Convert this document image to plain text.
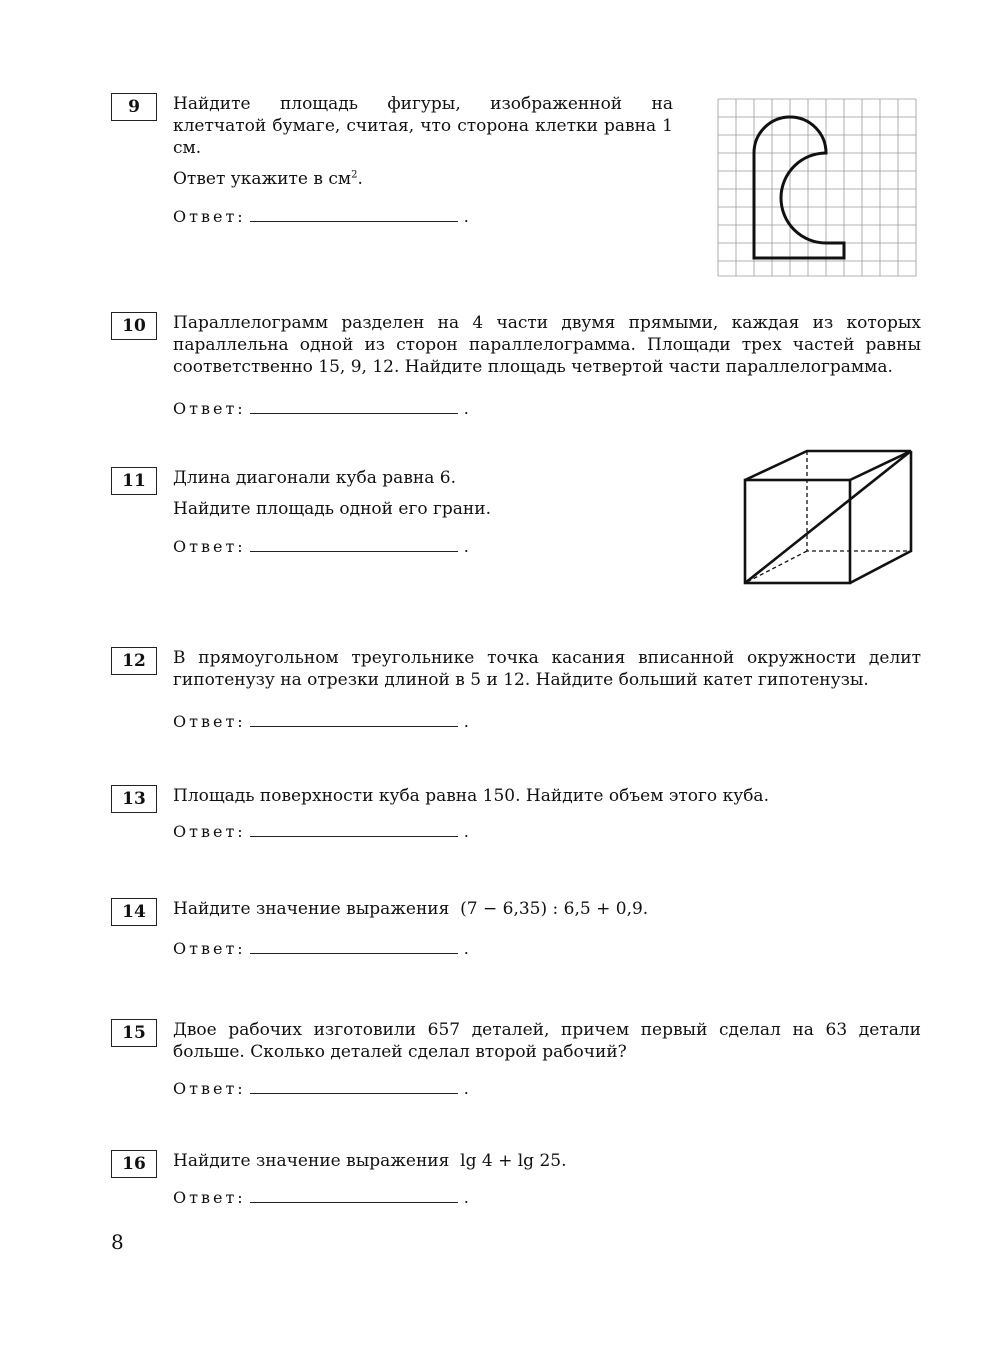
9	Найдите площадь фигуры, изображенной на клетчатой бумаге, считая, что сторона клетки равна 1 см.
Ответ укажите в $см^2$.
Ответ:	.
10	Параллелограмм разделен на 4 части двумя прямыми, каждая из которых параллельна одной из сторон параллелограмма. Площади трех частей равны соответственно 15, 9, 12. Найдите площадь четвертой части параллелограмма.
Ответ:	.
11	Длина диагонали куба равна 6.
Найдите площадь одной его грани.
Ответ:	.
12	В прямоугольном треугольнике точка касания вписанной окружности делит гипотенузу на отрезки длиной в 5 и 12. Найдите больший катет гипотенузы.
Ответ:	.
13	Площадь поверхности куба равна 150. Найдите объем этого куба.
Ответ:	.
14	Найдите значение выражения (7 − 6,35) : 6,5 + 0,9.
Ответ:	.
15	Двое рабочих изготовили 657 деталей, причем первый сделал на 63 детали больше. Сколько деталей сделал второй рабочий?
Ответ:	.
16	Найдите значение выражения lg 4 + lg 25.
Ответ:	.
8
